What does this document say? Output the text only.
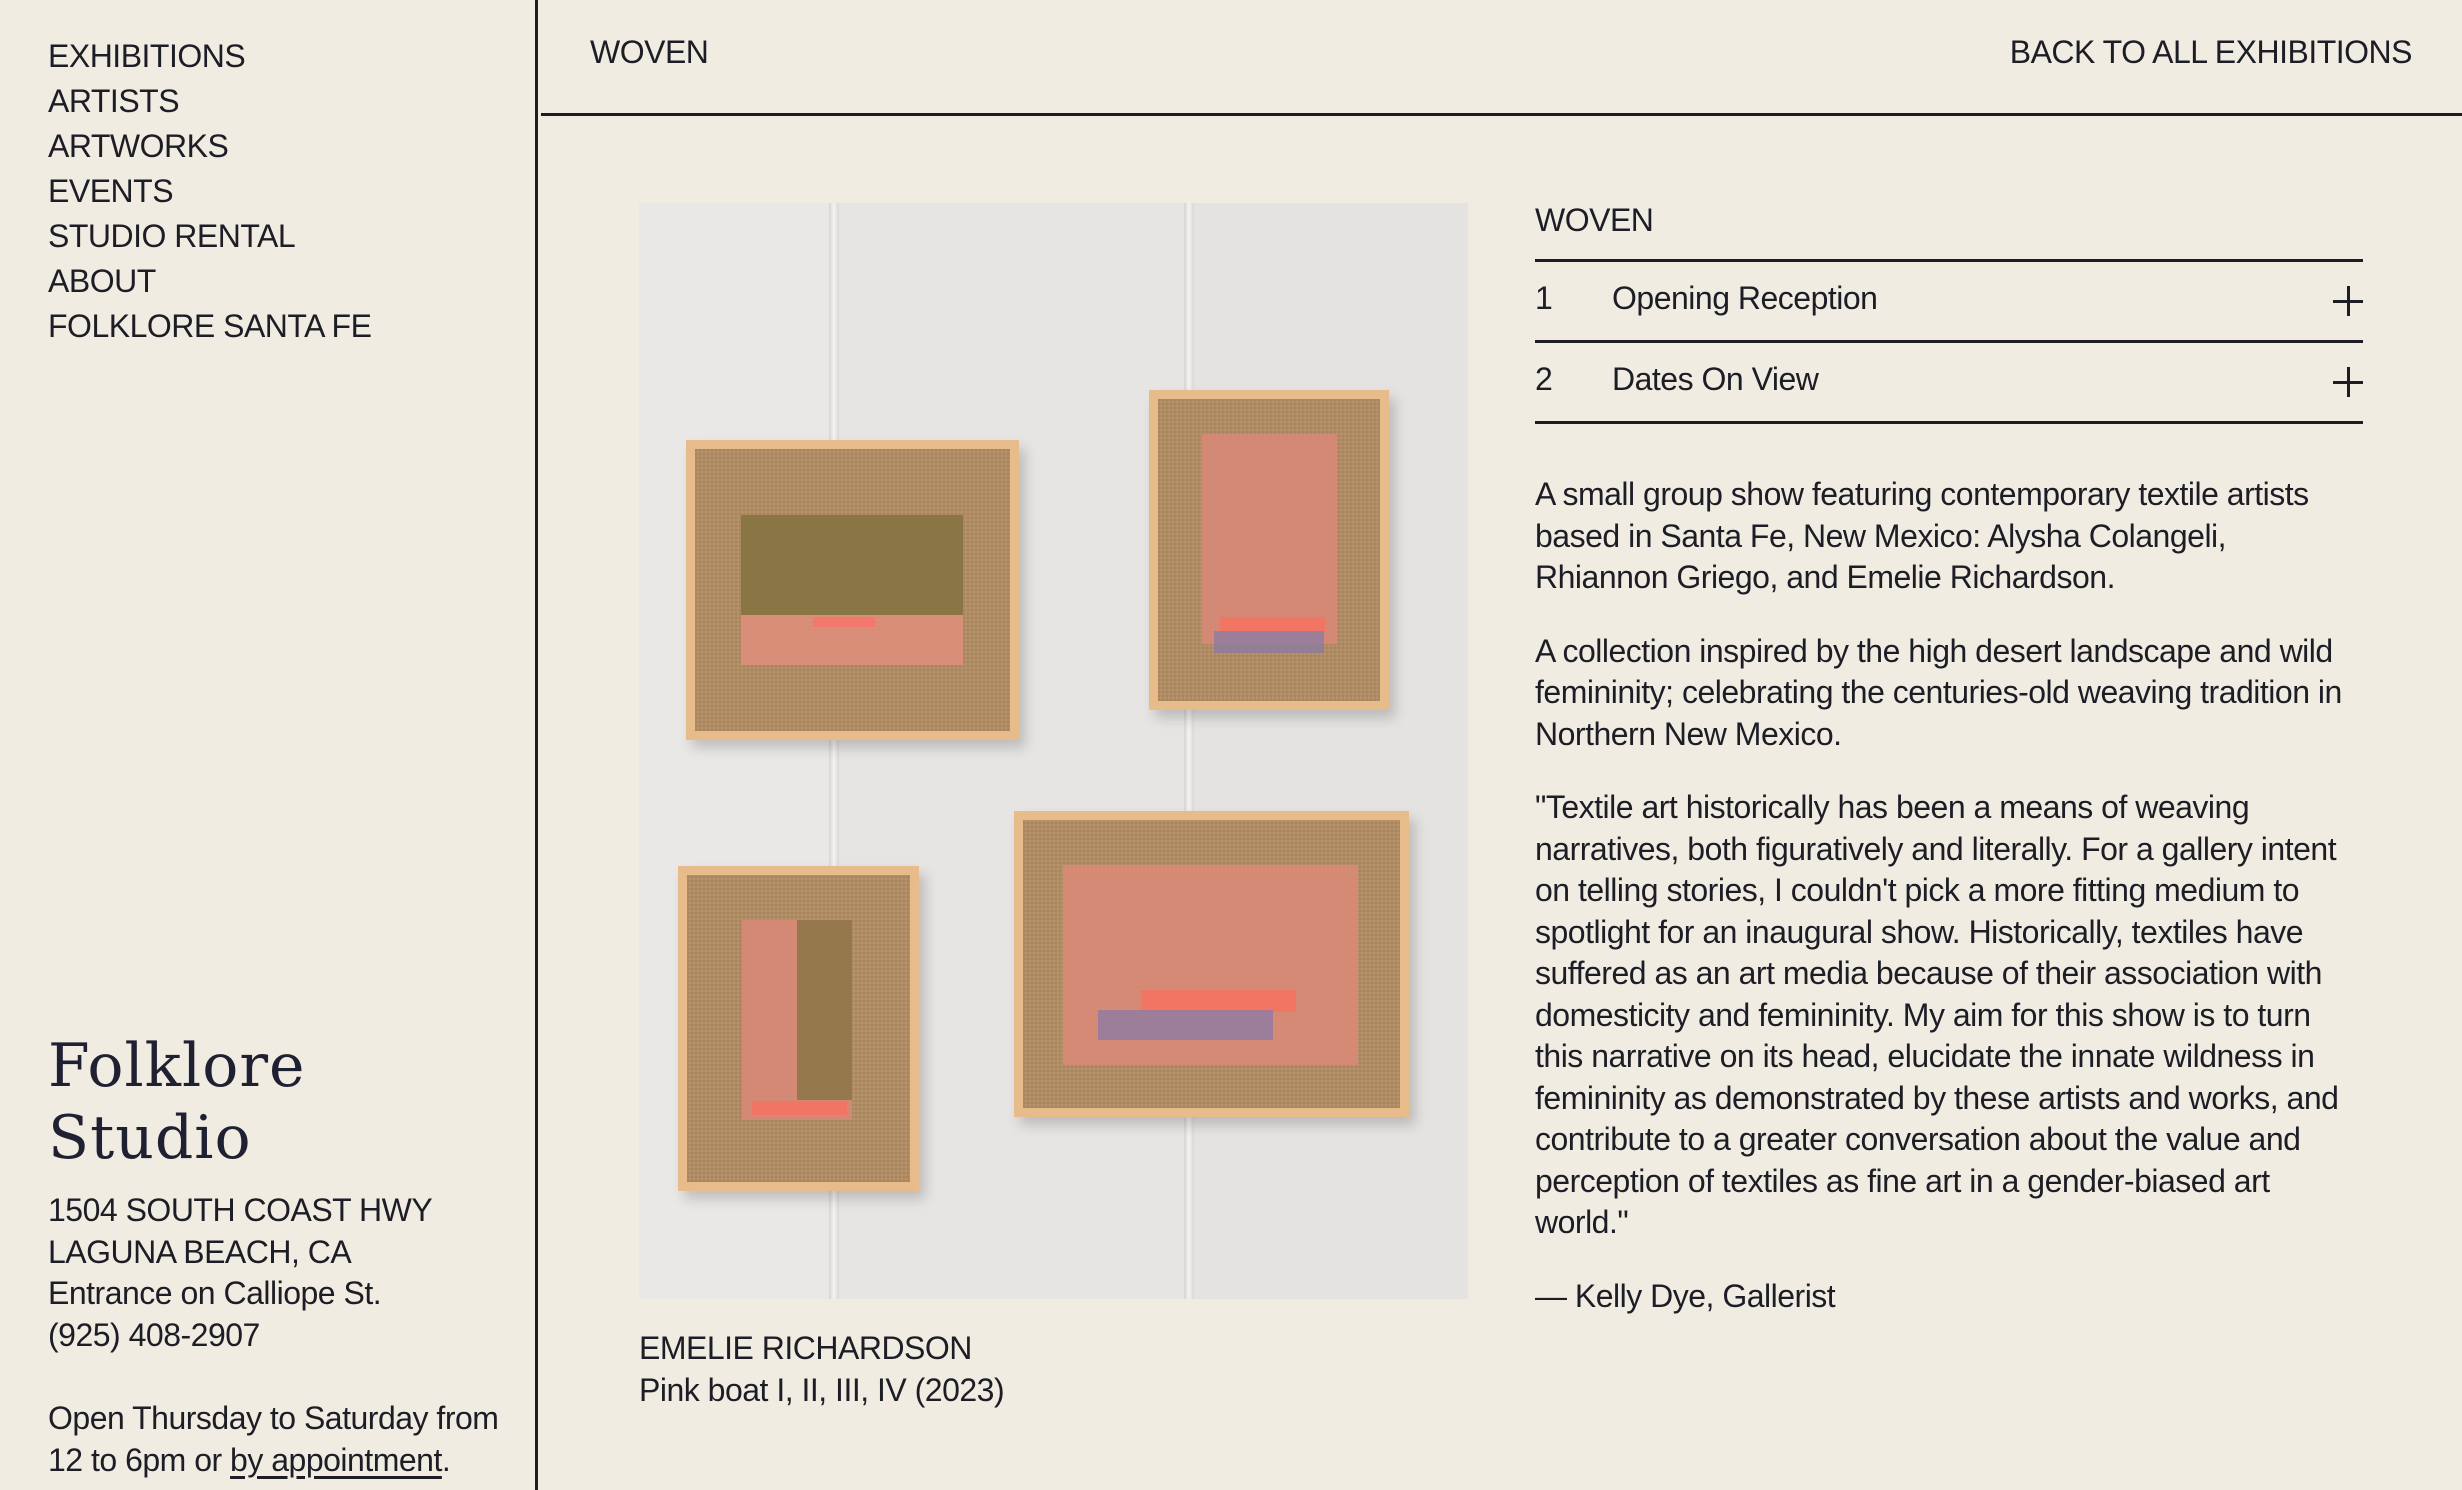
EXHIBITIONS
ARTISTS
ARTWORKS
EVENTS
STUDIO RENTAL
ABOUT
FOLKLORE SANTA FE
Folklore Studio
1504 SOUTH COAST HWY
LAGUNA BEACH, CA
Entrance on Calliope St.
(925) 408-2907
Open Thursday to Saturday from 12 to 6pm or by appointment.
WOVEN	BACK TO ALL EXHIBITIONS
EMELIE RICHARDSON
Pink boat I, II, III, IV (2023)
WOVEN
1 Opening Reception
2 Dates On View

A small group show featuring contemporary textile artists based in Santa Fe, New Mexico: Alysha Colangeli, Rhiannon Griego, and Emelie Richardson.

A collection inspired by the high desert landscape and wild femininity; celebrating the centuries-old weaving tradition in Northern New Mexico.

"Textile art historically has been a means of weaving narratives, both figuratively and literally. For a gallery intent on telling stories, I couldn't pick a more fitting medium to spotlight for an inaugural show. Historically, textiles have suffered as an art media because of their association with domesticity and femininity. My aim for this show is to turn this narrative on its head, elucidate the innate wildness in femininity as demonstrated by these artists and works, and contribute to a greater conversation about the value and perception of textiles as fine art in a gender-biased art world."

— Kelly Dye, Gallerist
